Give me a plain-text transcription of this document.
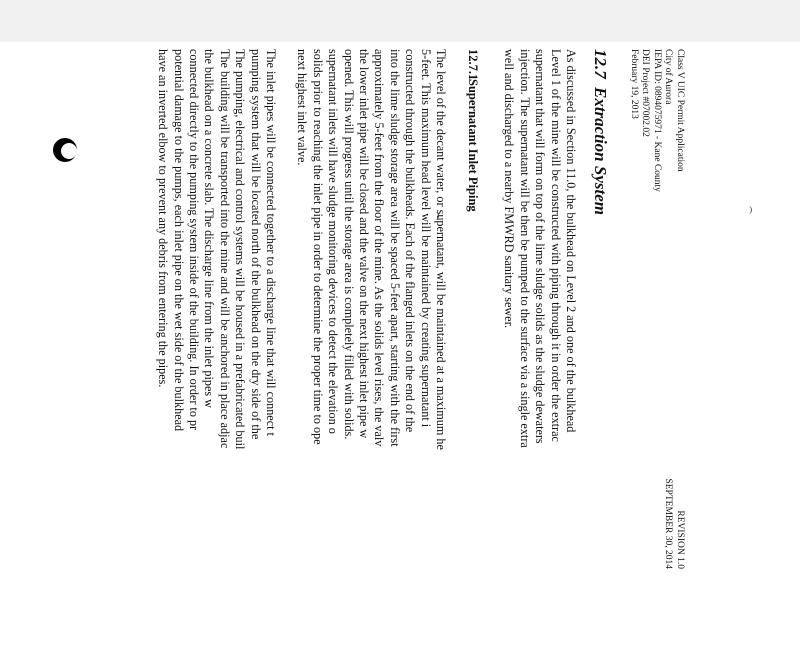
Class V UIC Permit Application
City of Aurora
IEPA ID: 0894075971 - Kane County
DEI Project #07002.02
February 19, 2013
REVISION 1.0
SEPTEMBER 30, 2014
12.7Extraction System
As discussed in Section 11.0, the bulkhead on Level 2 and one of the bulkhead
Level 1 of the mine will be constructed with piping through it in order the extrac
supernatant that will form on top of the lime sludge solids as the sludge dewaters
injection. The supernatant will be then be pumped to the surface via a single extra
well and discharged to a nearby FMWRD sanitary sewer.
12.7.1Supernatant Inlet Piping
The level of the decant water, or supernatant, will be maintained at a maximum he
5-feet. This maximum head level will be maintained by creating supernatant i
constructed through the bulkheads. Each of the flanged inlets on the end of the
into the lime sludge storage area will be spaced 5-feet apart, starting with the first
approximately 5-feet from the floor of the mine. As the solids level rises, the valv
the lower inlet pipe will be closed and the valve on the next highest inlet pipe w
opened. This will progress until the storage area is completely filled with solids.
supernatant inlets will have sludge monitoring devices to detect the elevation o
solids prior to reaching the inlet pipe in order to determine the proper time to ope
next highest inlet valve.
The inlet pipes will be connected together to a discharge line that will connect t
pumping system that will be located north of the bulkhead on the dry side of the
The pumping, electrical and control systems will be housed in a prefabricated buil
The building will be transported into the mine and will be anchored in place adjac
the bulkhead on a concrete slab. The discharge line from the inlet pipes w
connected directly to the pumping system inside of the building. In order to pr
potential damage to the pumps, each inlet pipe on the wet side of the bulkhead
have an inverted elbow to prevent any debris from entering the pipes.
